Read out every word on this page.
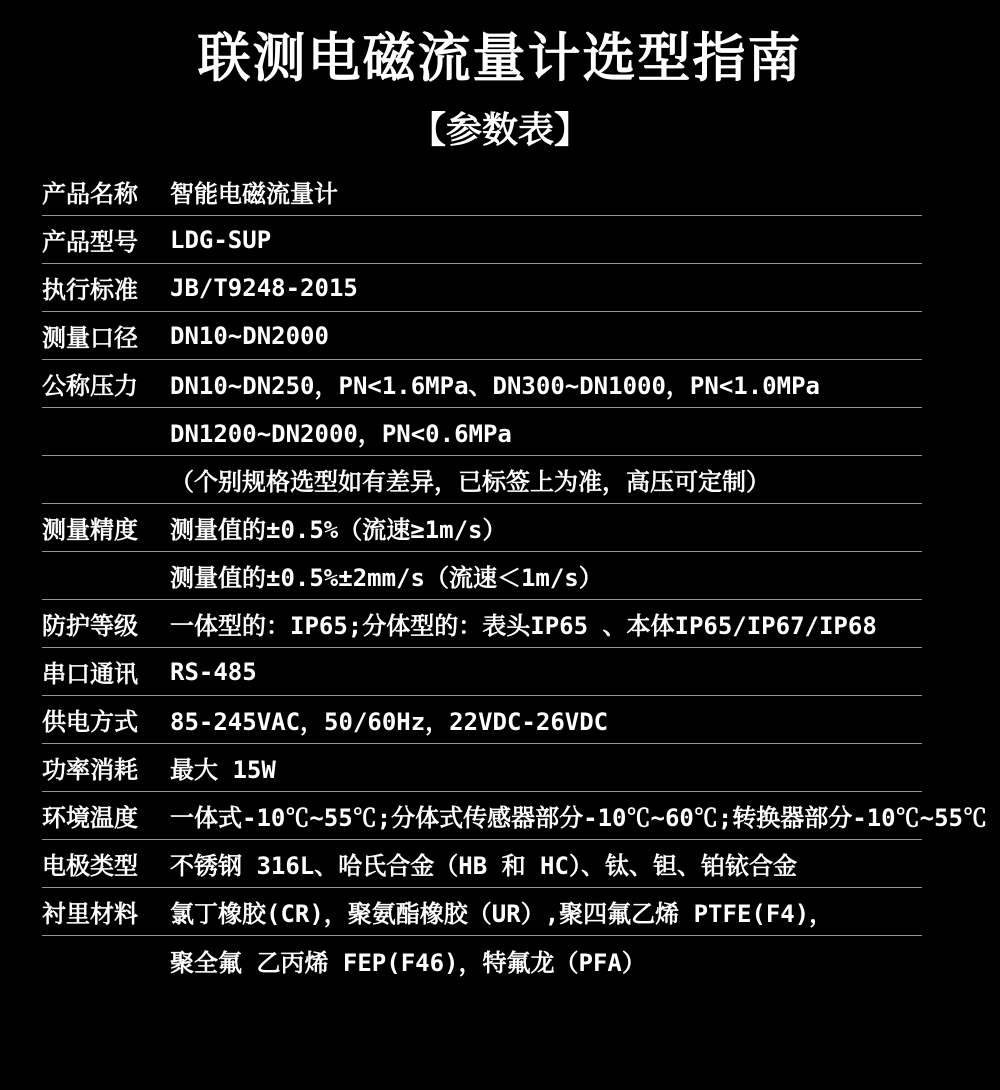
联测电磁流量计选型指南
【参数表】
产品名称	智能电磁流量计
产品型号	LDG-SUP
执行标准	JB/T9248-2015
测量口径	DN10~DN2000
公称压力	DN10~DN250，PN<1.6MPa、DN300~DN1000，PN<1.0MPa
DN1200~DN2000，PN<0.6MPa
（个别规格选型如有差异，已标签上为准，高压可定制）
测量精度	测量值的±0.5%（流速≥1m/s）
测量值的±0.5%±2mm/s（流速＜1m/s）
防护等级	一体型的：IP65;分体型的：表头IP65 、本体IP65/IP67/IP68
串口通讯	RS-485
供电方式	85-245VAC，50/60Hz，22VDC-26VDC
功率消耗	最大 15W
环境温度	一体式-10℃~55℃;分体式传感器部分-10℃~60℃;转换器部分-10℃~55℃
电极类型	不锈钢 316L、哈氏合金（HB 和 HC）、钛、钽、铂铱合金
衬里材料	氯丁橡胶(CR)，聚氨酯橡胶（UR）,聚四氟乙烯 PTFE(F4)，
聚全氟 乙丙烯 FEP(F46)，特氟龙（PFA）
